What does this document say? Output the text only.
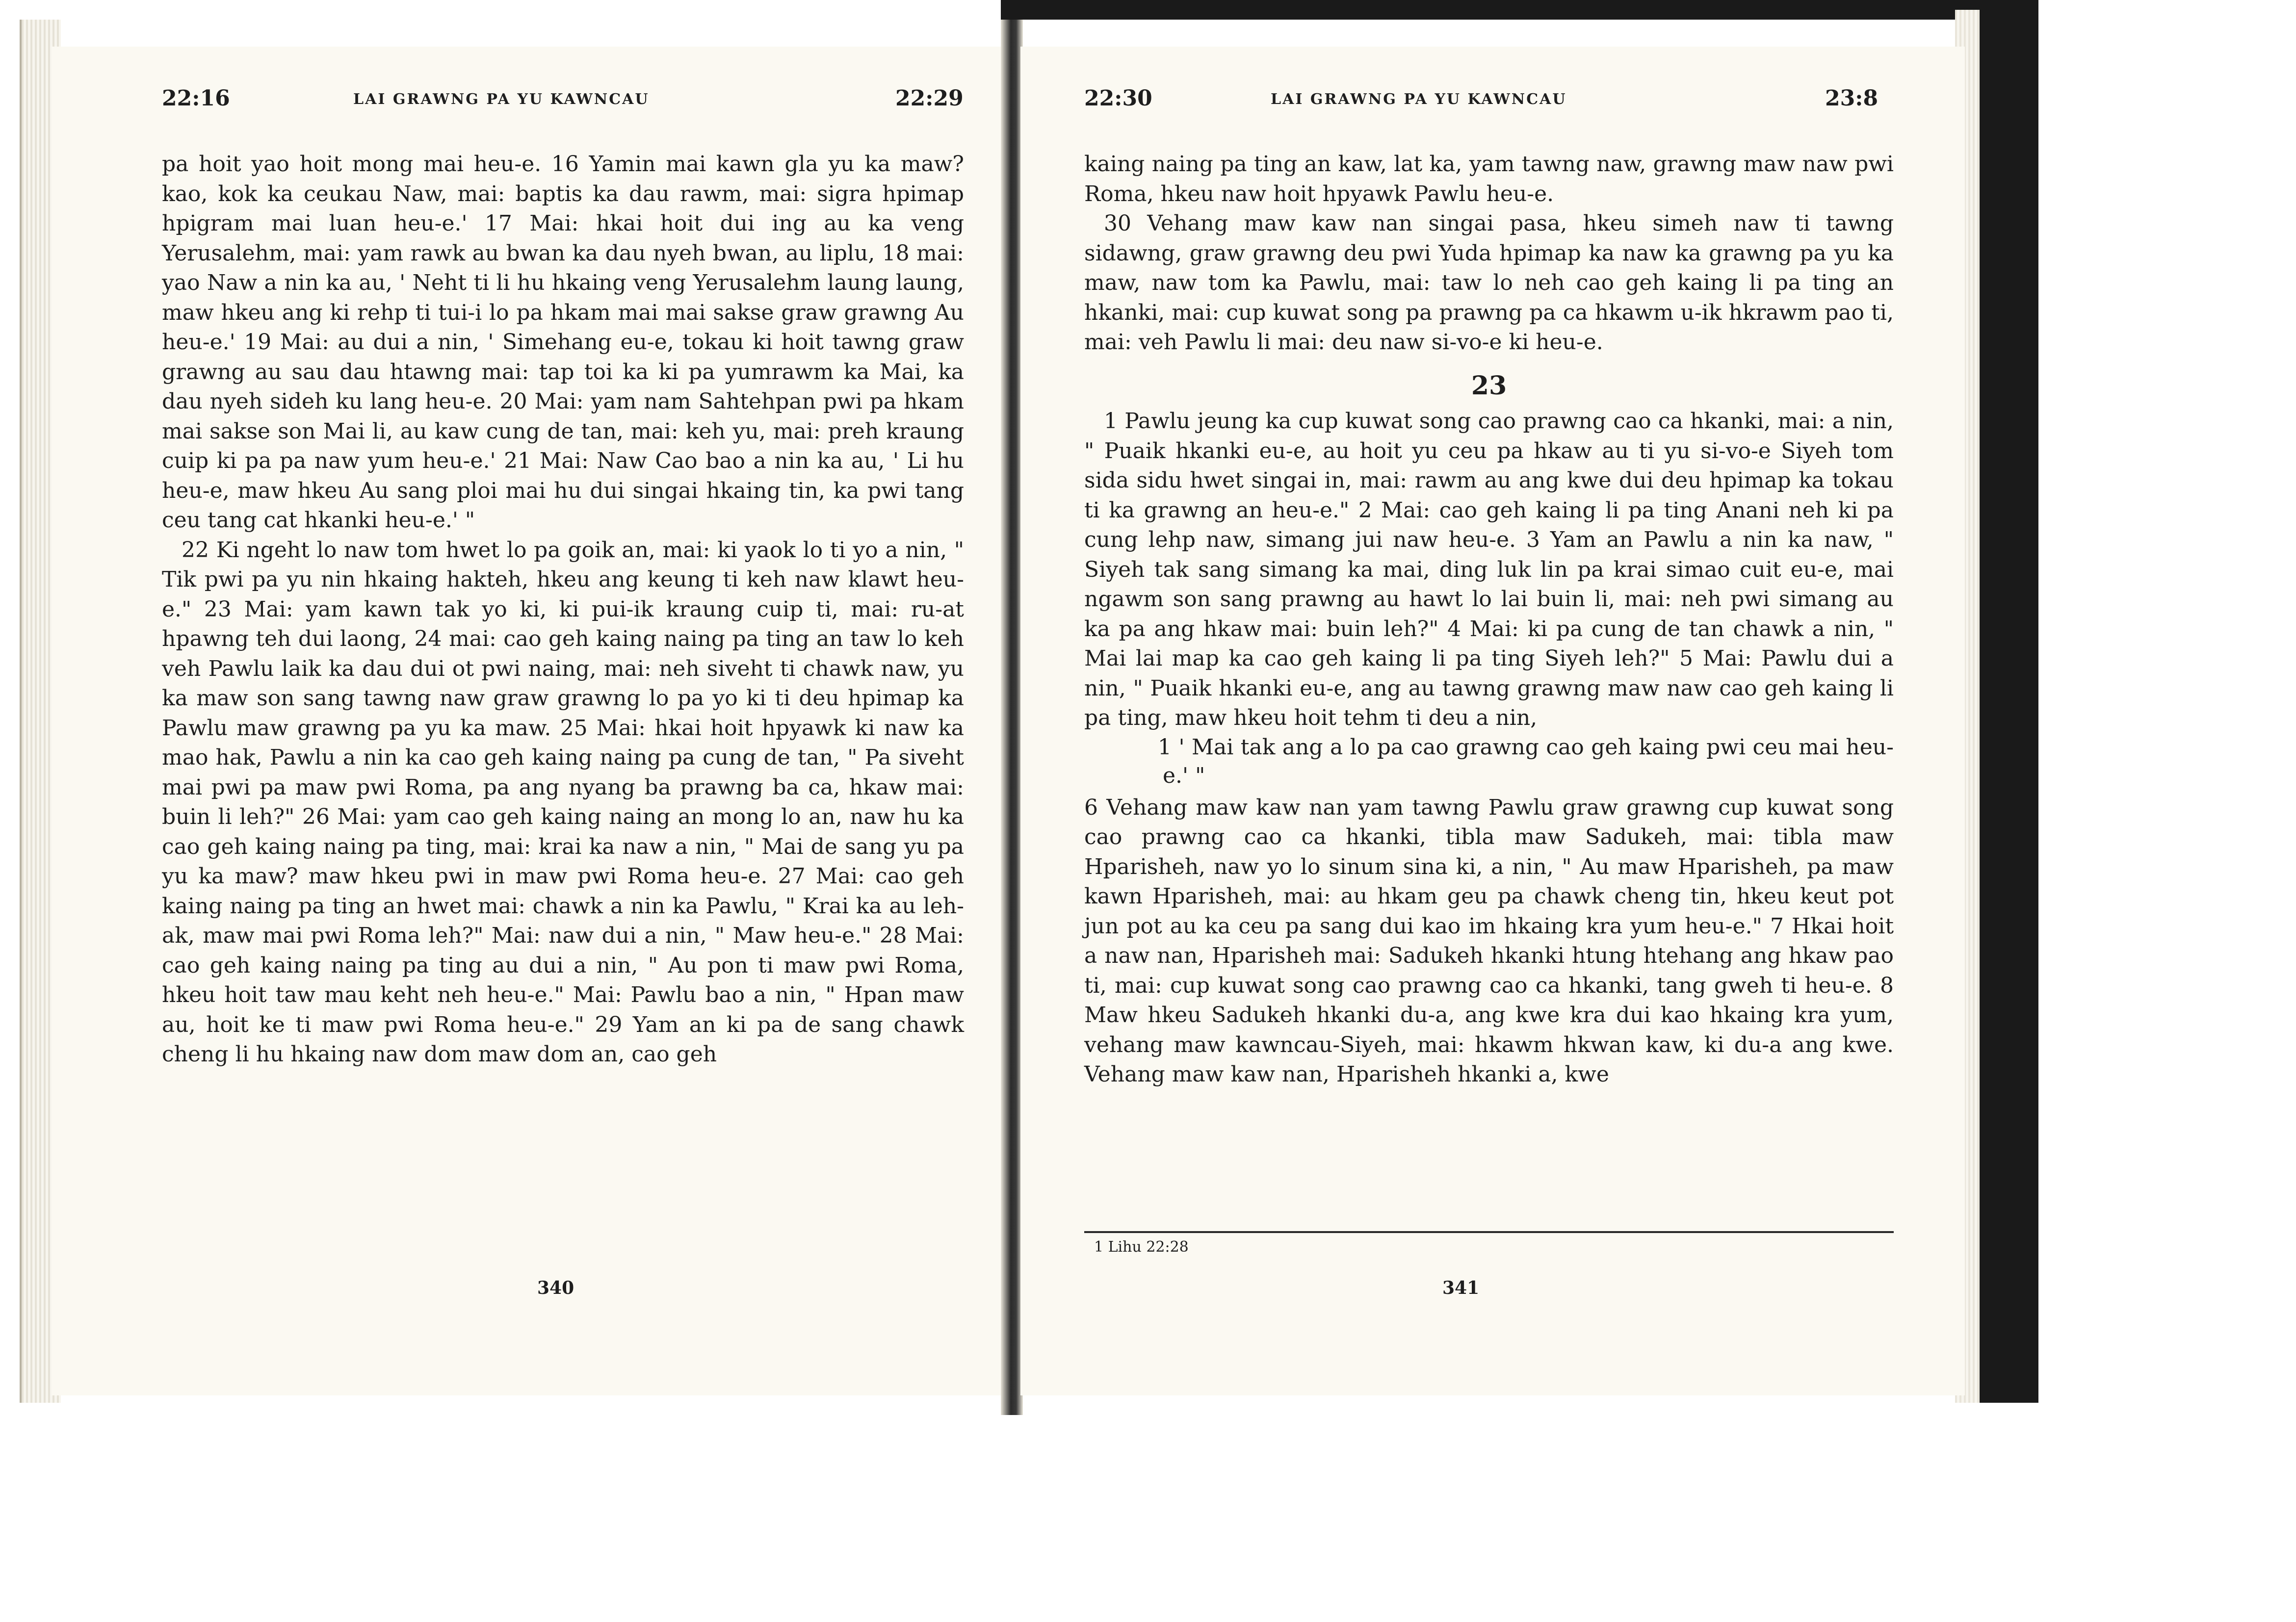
22:16	LAI GRAWNG PA YU KAWNCAU	22:29

pa hoit yao hoit mong mai heu-e. 16 Yamin mai kawn gla yu ka maw? kao, kok ka ceukau Naw, mai: baptis ka dau rawm, mai: sigra hpimap hpigram mai luan heu-e.' 17 Mai: hkai hoit dui ing au ka veng Yerusalehm, mai: yam rawk au bwan ka dau nyeh bwan, au liplu, 18 mai: yao Naw a nin ka au, ' Neht ti li hu hkaing veng Yerusalehm laung laung, maw hkeu ang ki rehp ti tui-i lo pa hkam mai mai sakse graw grawng Au heu-e.' 19 Mai: au dui a nin, ' Simehang eu-e, tokau ki hoit tawng graw grawng au sau dau htawng mai: tap toi ka ki pa yumrawm ka Mai, ka dau nyeh sideh ku lang heu-e. 20 Mai: yam nam Sahtehpan pwi pa hkam mai sakse son Mai li, au kaw cung de tan, mai: keh yu, mai: preh kraung cuip ki pa pa naw yum heu-e.' 21 Mai: Naw Cao bao a nin ka au, ' Li hu heu-e, maw hkeu Au sang ploi mai hu dui singai hkaing tin, ka pwi tang ceu tang cat hkanki heu-e.' "

22 Ki ngeht lo naw tom hwet lo pa goik an, mai: ki yaok lo ti yo a nin, " Tik pwi pa yu nin hkaing hakteh, hkeu ang keung ti keh naw klawt heu-e." 23 Mai: yam kawn tak yo ki, ki pui-ik kraung cuip ti, mai: ru-at hpawng teh dui laong, 24 mai: cao geh kaing naing pa ting an taw lo keh veh Pawlu laik ka dau dui ot pwi naing, mai: neh siveht ti chawk naw, yu ka maw son sang tawng naw graw grawng lo pa yo ki ti deu hpimap ka Pawlu maw grawng pa yu ka maw. 25 Mai: hkai hoit hpyawk ki naw ka mao hak, Pawlu a nin ka cao geh kaing naing pa cung de tan, " Pa siveht mai pwi pa maw pwi Roma, pa ang nyang ba prawng ba ca, hkaw mai: buin li leh?" 26 Mai: yam cao geh kaing naing an mong lo an, naw hu ka cao geh kaing naing pa ting, mai: krai ka naw a nin, " Mai de sang yu pa yu ka maw? maw hkeu pwi in maw pwi Roma heu-e. 27 Mai: cao geh kaing naing pa ting an hwet mai: chawk a nin ka Pawlu, " Krai ka au leh-ak, maw mai pwi Roma leh?" Mai: naw dui a nin, " Maw heu-e." 28 Mai: cao geh kaing naing pa ting au dui a nin, " Au pon ti maw pwi Roma, hkeu hoit taw mau keht neh heu-e." Mai: Pawlu bao a nin, " Hpan maw au, hoit ke ti maw pwi Roma heu-e." 29 Yam an ki pa de sang chawk cheng li hu hkaing naw dom maw dom an, cao geh

340
22:30	LAI GRAWNG PA YU KAWNCAU	23:8

kaing naing pa ting an kaw, lat ka, yam tawng naw, grawng maw naw pwi Roma, hkeu naw hoit hpyawk Pawlu heu-e.

30 Vehang maw kaw nan singai pasa, hkeu simeh naw ti tawng sidawng, graw grawng deu pwi Yuda hpimap ka naw ka grawng pa yu ka maw, naw tom ka Pawlu, mai: taw lo neh cao geh kaing li pa ting an hkanki, mai: cup kuwat song pa prawng pa ca hkawm u-ik hkrawm pao ti, mai: veh Pawlu li mai: deu naw si-vo-e ki heu-e.

23

1 Pawlu jeung ka cup kuwat song cao prawng cao ca hkanki, mai: a nin, " Puaik hkanki eu-e, au hoit yu ceu pa hkaw au ti yu si-vo-e Siyeh tom sida sidu hwet singai in, mai: rawm au ang kwe dui deu hpimap ka tokau ti ka grawng an heu-e." 2 Mai: cao geh kaing li pa ting Anani neh ki pa cung lehp naw, simang jui naw heu-e. 3 Yam an Pawlu a nin ka naw, " Siyeh tak sang simang ka mai, ding luk lin pa krai simao cuit eu-e, mai ngawm son sang prawng au hawt lo lai buin li, mai: neh pwi simang au ka pa ang hkaw mai: buin leh?" 4 Mai: ki pa cung de tan chawk a nin, " Mai lai map ka cao geh kaing li pa ting Siyeh leh?" 5 Mai: Pawlu dui a nin, " Puaik hkanki eu-e, ang au tawng grawng maw naw cao geh kaing li pa ting, maw hkeu hoit tehm ti deu a nin,

1 ' Mai tak ang a lo pa cao grawng cao geh kaing pwi ceu mai heu-e.' "

6 Vehang maw kaw nan yam tawng Pawlu graw grawng cup kuwat song cao prawng cao ca hkanki, tibla maw Sadukeh, mai: tibla maw Hparisheh, naw yo lo sinum sina ki, a nin, " Au maw Hparisheh, pa maw kawn Hparisheh, mai: au hkam geu pa chawk cheng tin, hkeu keut pot jun pot au ka ceu pa sang dui kao im hkaing kra yum heu-e." 7 Hkai hoit a naw nan, Hparisheh mai: Sadukeh hkanki htung htehang ang hkaw pao ti, mai: cup kuwat song cao prawng cao ca hkanki, tang gweh ti heu-e. 8 Maw hkeu Sadukeh hkanki du-a, ang kwe kra dui kao hkaing kra yum, vehang maw kawncau-Siyeh, mai: hkawm hkwan kaw, ki du-a ang kwe. Vehang maw kaw nan, Hparisheh hkanki a, kwe

1 Lihu 22:28
341
